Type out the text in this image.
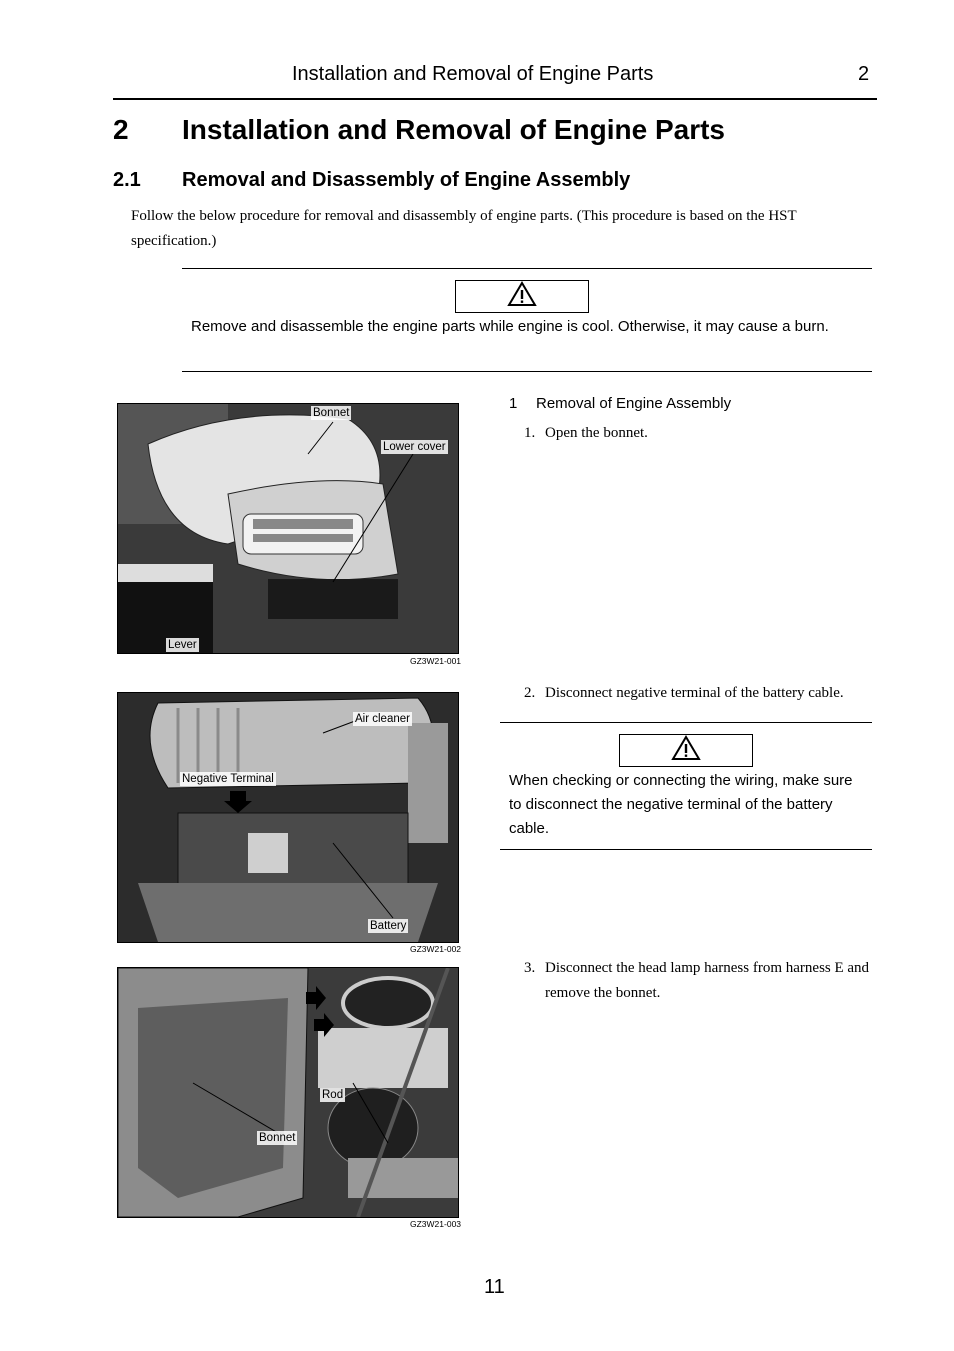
Installation and Removal of Engine Parts	2
2 Installation and Removal of Engine Parts
2.1 Removal and Disassembly of Engine Assembly
Follow the below procedure for removal and disassembly of engine parts. (This procedure is based on the HST specification.)
Remove and disassemble the engine parts while engine is cool. Otherwise, it may cause a burn.
Bonnet
Lower cover
Lever
GZ3W21-001
1 Removal of Engine Assembly
1. Open the bonnet.
Air cleaner
Negative Terminal
Battery
GZ3W21-002
2. Disconnect negative terminal of the battery cable.
When checking or connecting the wiring, make sure to disconnect the negative terminal of the battery cable.
Rod
Bonnet
GZ3W21-003
3. Disconnect the head lamp harness from harness E and remove the bonnet.
11
